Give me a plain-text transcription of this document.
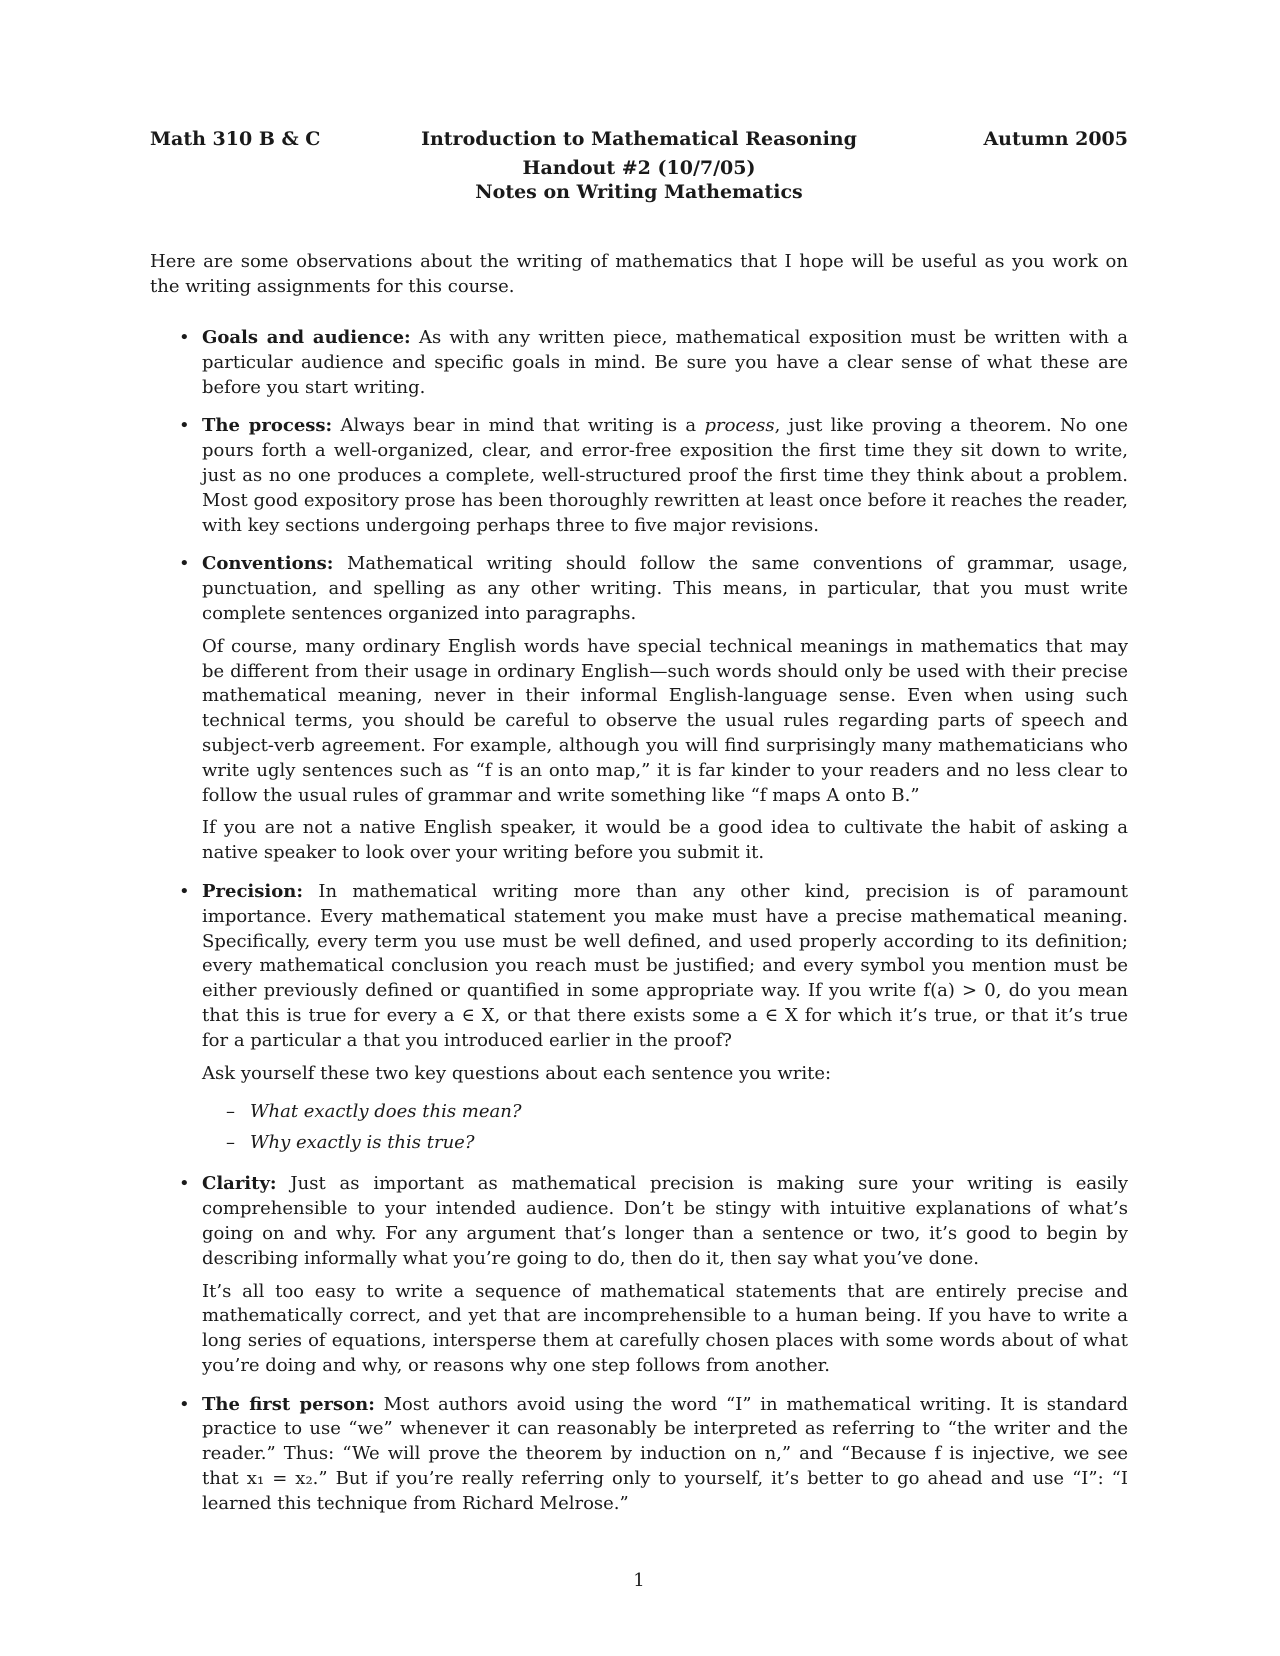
Introduction to Mathematical Reasoning
Math 310 B & C	Autumn 2005
Handout #2 (10/7/05)
Notes on Writing Mathematics
Here are some observations about the writing of mathematics that I hope will be useful as you work on the writing assignments for this course.
• Goals and audience: As with any written piece, mathematical exposition must be written with a particular audience and specific goals in mind. Be sure you have a clear sense of what these are before you start writing.

• The process: Always bear in mind that writing is a process, just like proving a theorem. No one pours forth a well-organized, clear, and error-free exposition the first time they sit down to write, just as no one produces a complete, well-structured proof the first time they think about a problem. Most good expository prose has been thoroughly rewritten at least once before it reaches the reader, with key sections undergoing perhaps three to five major revisions.

• Conventions: Mathematical writing should follow the same conventions of grammar, usage, punctuation, and spelling as any other writing. This means, in particular, that you must write complete sentences organized into paragraphs.

Of course, many ordinary English words have special technical meanings in mathematics that may be different from their usage in ordinary English—such words should only be used with their precise mathematical meaning, never in their informal English-language sense. Even when using such technical terms, you should be careful to observe the usual rules regarding parts of speech and subject-verb agreement. For example, although you will find surprisingly many mathematicians who write ugly sentences such as “f is an onto map,” it is far kinder to your readers and no less clear to follow the usual rules of grammar and write something like “f maps A onto B.”

If you are not a native English speaker, it would be a good idea to cultivate the habit of asking a native speaker to look over your writing before you submit it.

• Precision: In mathematical writing more than any other kind, precision is of paramount importance. Every mathematical statement you make must have a precise mathematical meaning. Specifically, every term you use must be well defined, and used properly according to its definition; every mathematical conclusion you reach must be justified; and every symbol you mention must be either previously defined or quantified in some appropriate way. If you write f(a) > 0, do you mean that this is true for every a ∈ X, or that there exists some a ∈ X for which it’s true, or that it’s true for a particular a that you introduced earlier in the proof?

Ask yourself these two key questions about each sentence you write:

– What exactly does this mean?
– Why exactly is this true?
• Clarity: Just as important as mathematical precision is making sure your writing is easily comprehensible to your intended audience. Don’t be stingy with intuitive explanations of what’s going on and why. For any argument that’s longer than a sentence or two, it’s good to begin by describing informally what you’re going to do, then do it, then say what you’ve done.

It’s all too easy to write a sequence of mathematical statements that are entirely precise and mathematically correct, and yet that are incomprehensible to a human being. If you have to write a long series of equations, intersperse them at carefully chosen places with some words about of what you’re doing and why, or reasons why one step follows from another.

• The first person: Most authors avoid using the word “I” in mathematical writing. It is standard practice to use “we” whenever it can reasonably be interpreted as referring to “the writer and the reader.” Thus: “We will prove the theorem by induction on n,” and “Because f is injective, we see that x₁ = x₂.” But if you’re really referring only to yourself, it’s better to go ahead and use “I”: “I learned this technique from Richard Melrose.”

1
